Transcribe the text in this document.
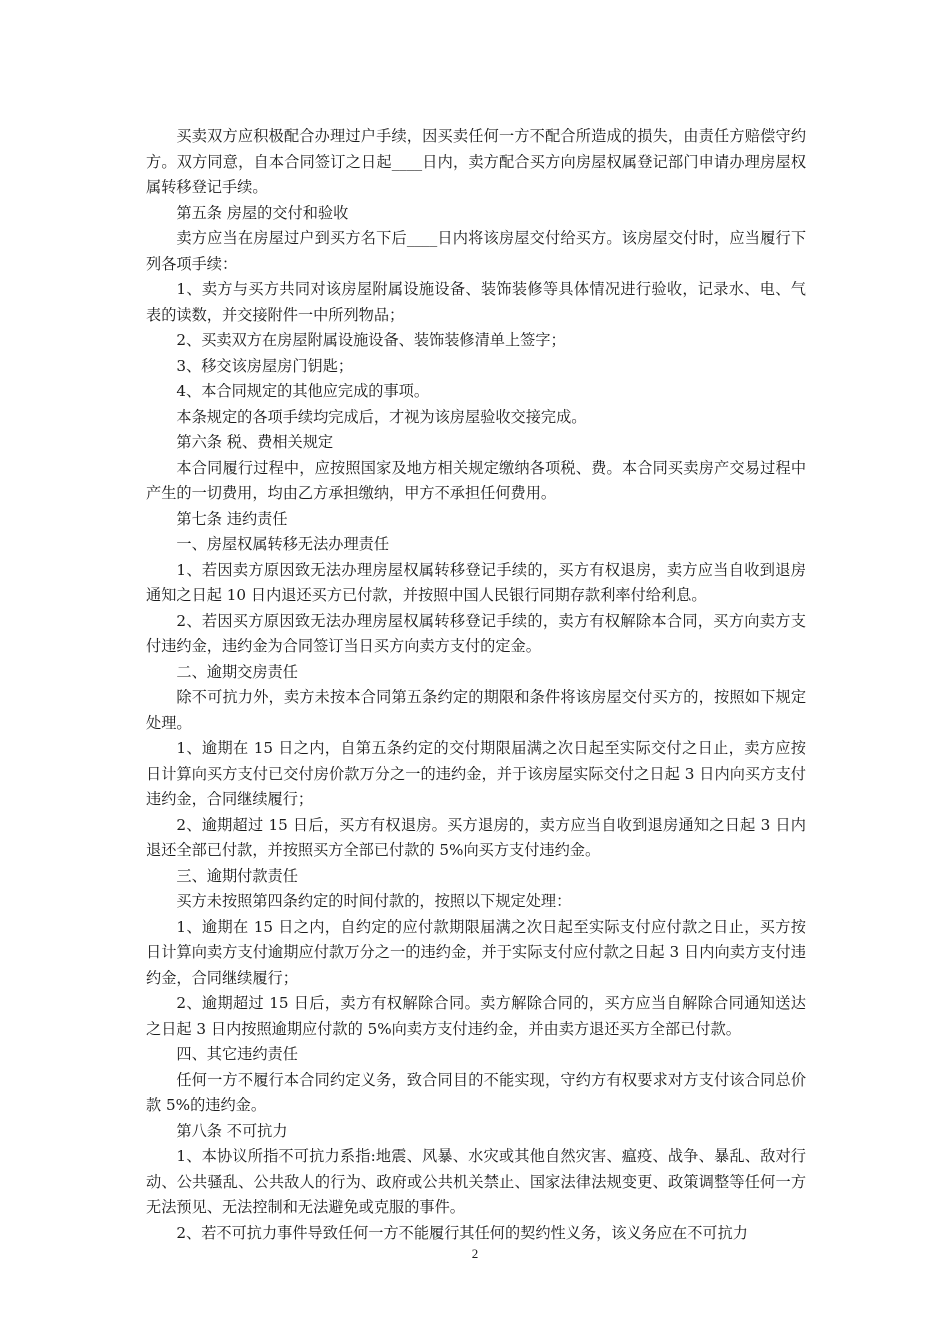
买卖双方应积极配合办理过户手续，因买卖任何一方不配合所造成的损失，由责任方赔偿守约方。双方同意，自本合同签订之日起____日内，卖方配合买方向房屋权属登记部门申请办理房屋权属转移登记手续。

第五条 房屋的交付和验收

卖方应当在房屋过户到买方名下后____日内将该房屋交付给买方。该房屋交付时，应当履行下列各项手续：

1、卖方与买方共同对该房屋附属设施设备、装饰装修等具体情况进行验收，记录水、电、气表的读数，并交接附件一中所列物品；

2、买卖双方在房屋附属设施设备、装饰装修清单上签字；

3、移交该房屋房门钥匙；

4、本合同规定的其他应完成的事项。

本条规定的各项手续均完成后，才视为该房屋验收交接完成。

第六条 税、费相关规定

本合同履行过程中，应按照国家及地方相关规定缴纳各项税、费。本合同买卖房产交易过程中产生的一切费用，均由乙方承担缴纳，甲方不承担任何费用。

第七条 违约责任

一、房屋权属转移无法办理责任

1、若因卖方原因致无法办理房屋权属转移登记手续的，买方有权退房，卖方应当自收到退房通知之日起 10 日内退还买方已付款，并按照中国人民银行同期存款利率付给利息。

2、若因买方原因致无法办理房屋权属转移登记手续的，卖方有权解除本合同，买方向卖方支付违约金，违约金为合同签订当日买方向卖方支付的定金。

二、逾期交房责任

除不可抗力外，卖方未按本合同第五条约定的期限和条件将该房屋交付买方的，按照如下规定处理。

1、逾期在 15 日之内，自第五条约定的交付期限届满之次日起至实际交付之日止，卖方应按日计算向买方支付已交付房价款万分之一的违约金，并于该房屋实际交付之日起 3 日内向买方支付违约金，合同继续履行；

2、逾期超过 15 日后，买方有权退房。买方退房的，卖方应当自收到退房通知之日起 3 日内退还全部已付款，并按照买方全部已付款的 5%向买方支付违约金。

三、逾期付款责任

买方未按照第四条约定的时间付款的，按照以下规定处理：

1、逾期在 15 日之内，自约定的应付款期限届满之次日起至实际支付应付款之日止，买方按日计算向卖方支付逾期应付款万分之一的违约金，并于实际支付应付款之日起 3 日内向卖方支付违约金，合同继续履行；

2、逾期超过 15 日后，卖方有权解除合同。卖方解除合同的，买方应当自解除合同通知送达之日起 3 日内按照逾期应付款的 5%向卖方支付违约金，并由卖方退还买方全部已付款。

四、其它违约责任

任何一方不履行本合同约定义务，致合同目的不能实现，守约方有权要求对方支付该合同总价款 5%的违约金。

第八条 不可抗力

1、本协议所指不可抗力系指:地震、风暴、水灾或其他自然灾害、瘟疫、战争、暴乱、敌对行动、公共骚乱、公共敌人的行为、政府或公共机关禁止、国家法律法规变更、政策调整等任何一方无法预见、无法控制和无法避免或克服的事件。

2、若不可抗力事件导致任何一方不能履行其任何的契约性义务，该义务应在不可抗力

2
